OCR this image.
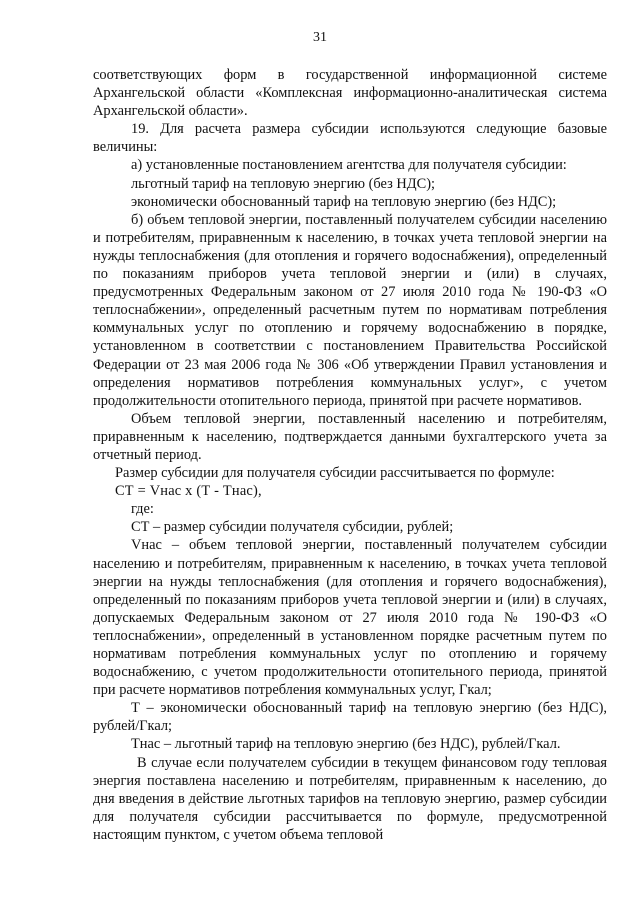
31

соответствующих форм в государственной информационной системе Архангельской области «Комплексная информационно-аналитическая система Архангельской области».

19. Для расчета размера субсидии используются следующие базовые величины:

а) установленные постановлением агентства для получателя субсидии:

льготный тариф на тепловую энергию (без НДС);

экономически обоснованный тариф на тепловую энергию (без НДС);

б) объем тепловой энергии, поставленный получателем субсидии населению и потребителям, приравненным к населению, в точках учета тепловой энергии на нужды теплоснабжения (для отопления и горячего водоснабжения), определенный по показаниям приборов учета тепловой энергии и (или) в случаях, предусмотренных Федеральным законом от 27 июля 2010 года № 190-ФЗ «О теплоснабжении», определенный расчетным путем по нормативам потребления коммунальных услуг по отоплению и горячему водоснабжению в порядке, установленном в соответствии с постановлением Правительства Российской Федерации от 23 мая 2006 года № 306 «Об утверждении Правил установления и определения нормативов потребления коммунальных услуг», с учетом продолжительности отопительного периода, принятой при расчете нормативов.

Объем тепловой энергии, поставленный населению и потребителям, приравненным к населению, подтверждается данными бухгалтерского учета за отчетный период.

Размер субсидии для получателя субсидии рассчитывается по формуле:

СТ = Vнас х (Т - Тнас),

где:

СТ – размер субсидии получателя субсидии, рублей;

Vнас – объем тепловой энергии, поставленный получателем субсидии населению и потребителям, приравненным к населению, в точках учета тепловой энергии на нужды теплоснабжения (для отопления и горячего водоснабжения), определенный по показаниям приборов учета тепловой энергии и (или) в случаях, допускаемых Федеральным законом от 27 июля 2010 года № 190-ФЗ «О теплоснабжении», определенный в установленном порядке расчетным путем по нормативам потребления коммунальных услуг по отоплению и горячему водоснабжению, с учетом продолжительности отопительного периода, принятой при расчете нормативов потребления коммунальных услуг, Гкал;

Т – экономически обоснованный тариф на тепловую энергию (без НДС), рублей/Гкал;

Тнас – льготный тариф на тепловую энергию (без НДС), рублей/Гкал.

В случае если получателем субсидии в текущем финансовом году тепловая энергия поставлена населению и потребителям, приравненным к населению, до дня введения в действие льготных тарифов на тепловую энергию, размер субсидии для получателя субсидии рассчитывается по формуле, предусмотренной настоящим пунктом, с учетом объема тепловой
